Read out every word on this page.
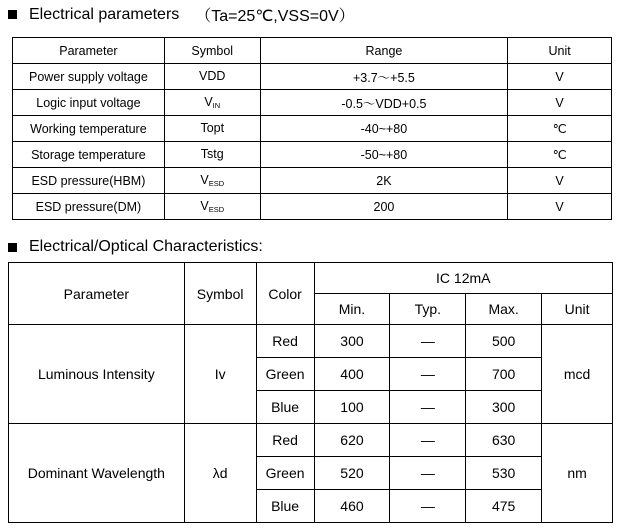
Electrical parameters （Ta=25℃,VSS=0V）
Parameter	Symbol	Range	Unit
Power supply voltage	VDD	+3.7～+5.5	V
Logic input voltage	$V_{IN}$	-0.5～VDD+0.5	V
Working temperature	Topt	-40~+80	℃
Storage temperature	Tstg	-50~+80	℃
ESD pressure(HBM)	$V_{ESD}$	2K	V
ESD pressure(DM)	$V_{ESD}$	200	V
Electrical/Optical Characteristics:
Parameter	Symbol	Color	IC 12mA			
			Min.	Typ.	Max.	Unit
Luminous Intensity	Iv	Red	300	—	500	mcd
		Green	400	—	700	
		Blue	100	—	300	
Dominant Wavelength	λd	Red	620	—	630	nm
		Green	520	—	530	
		Blue	460	—	475	
